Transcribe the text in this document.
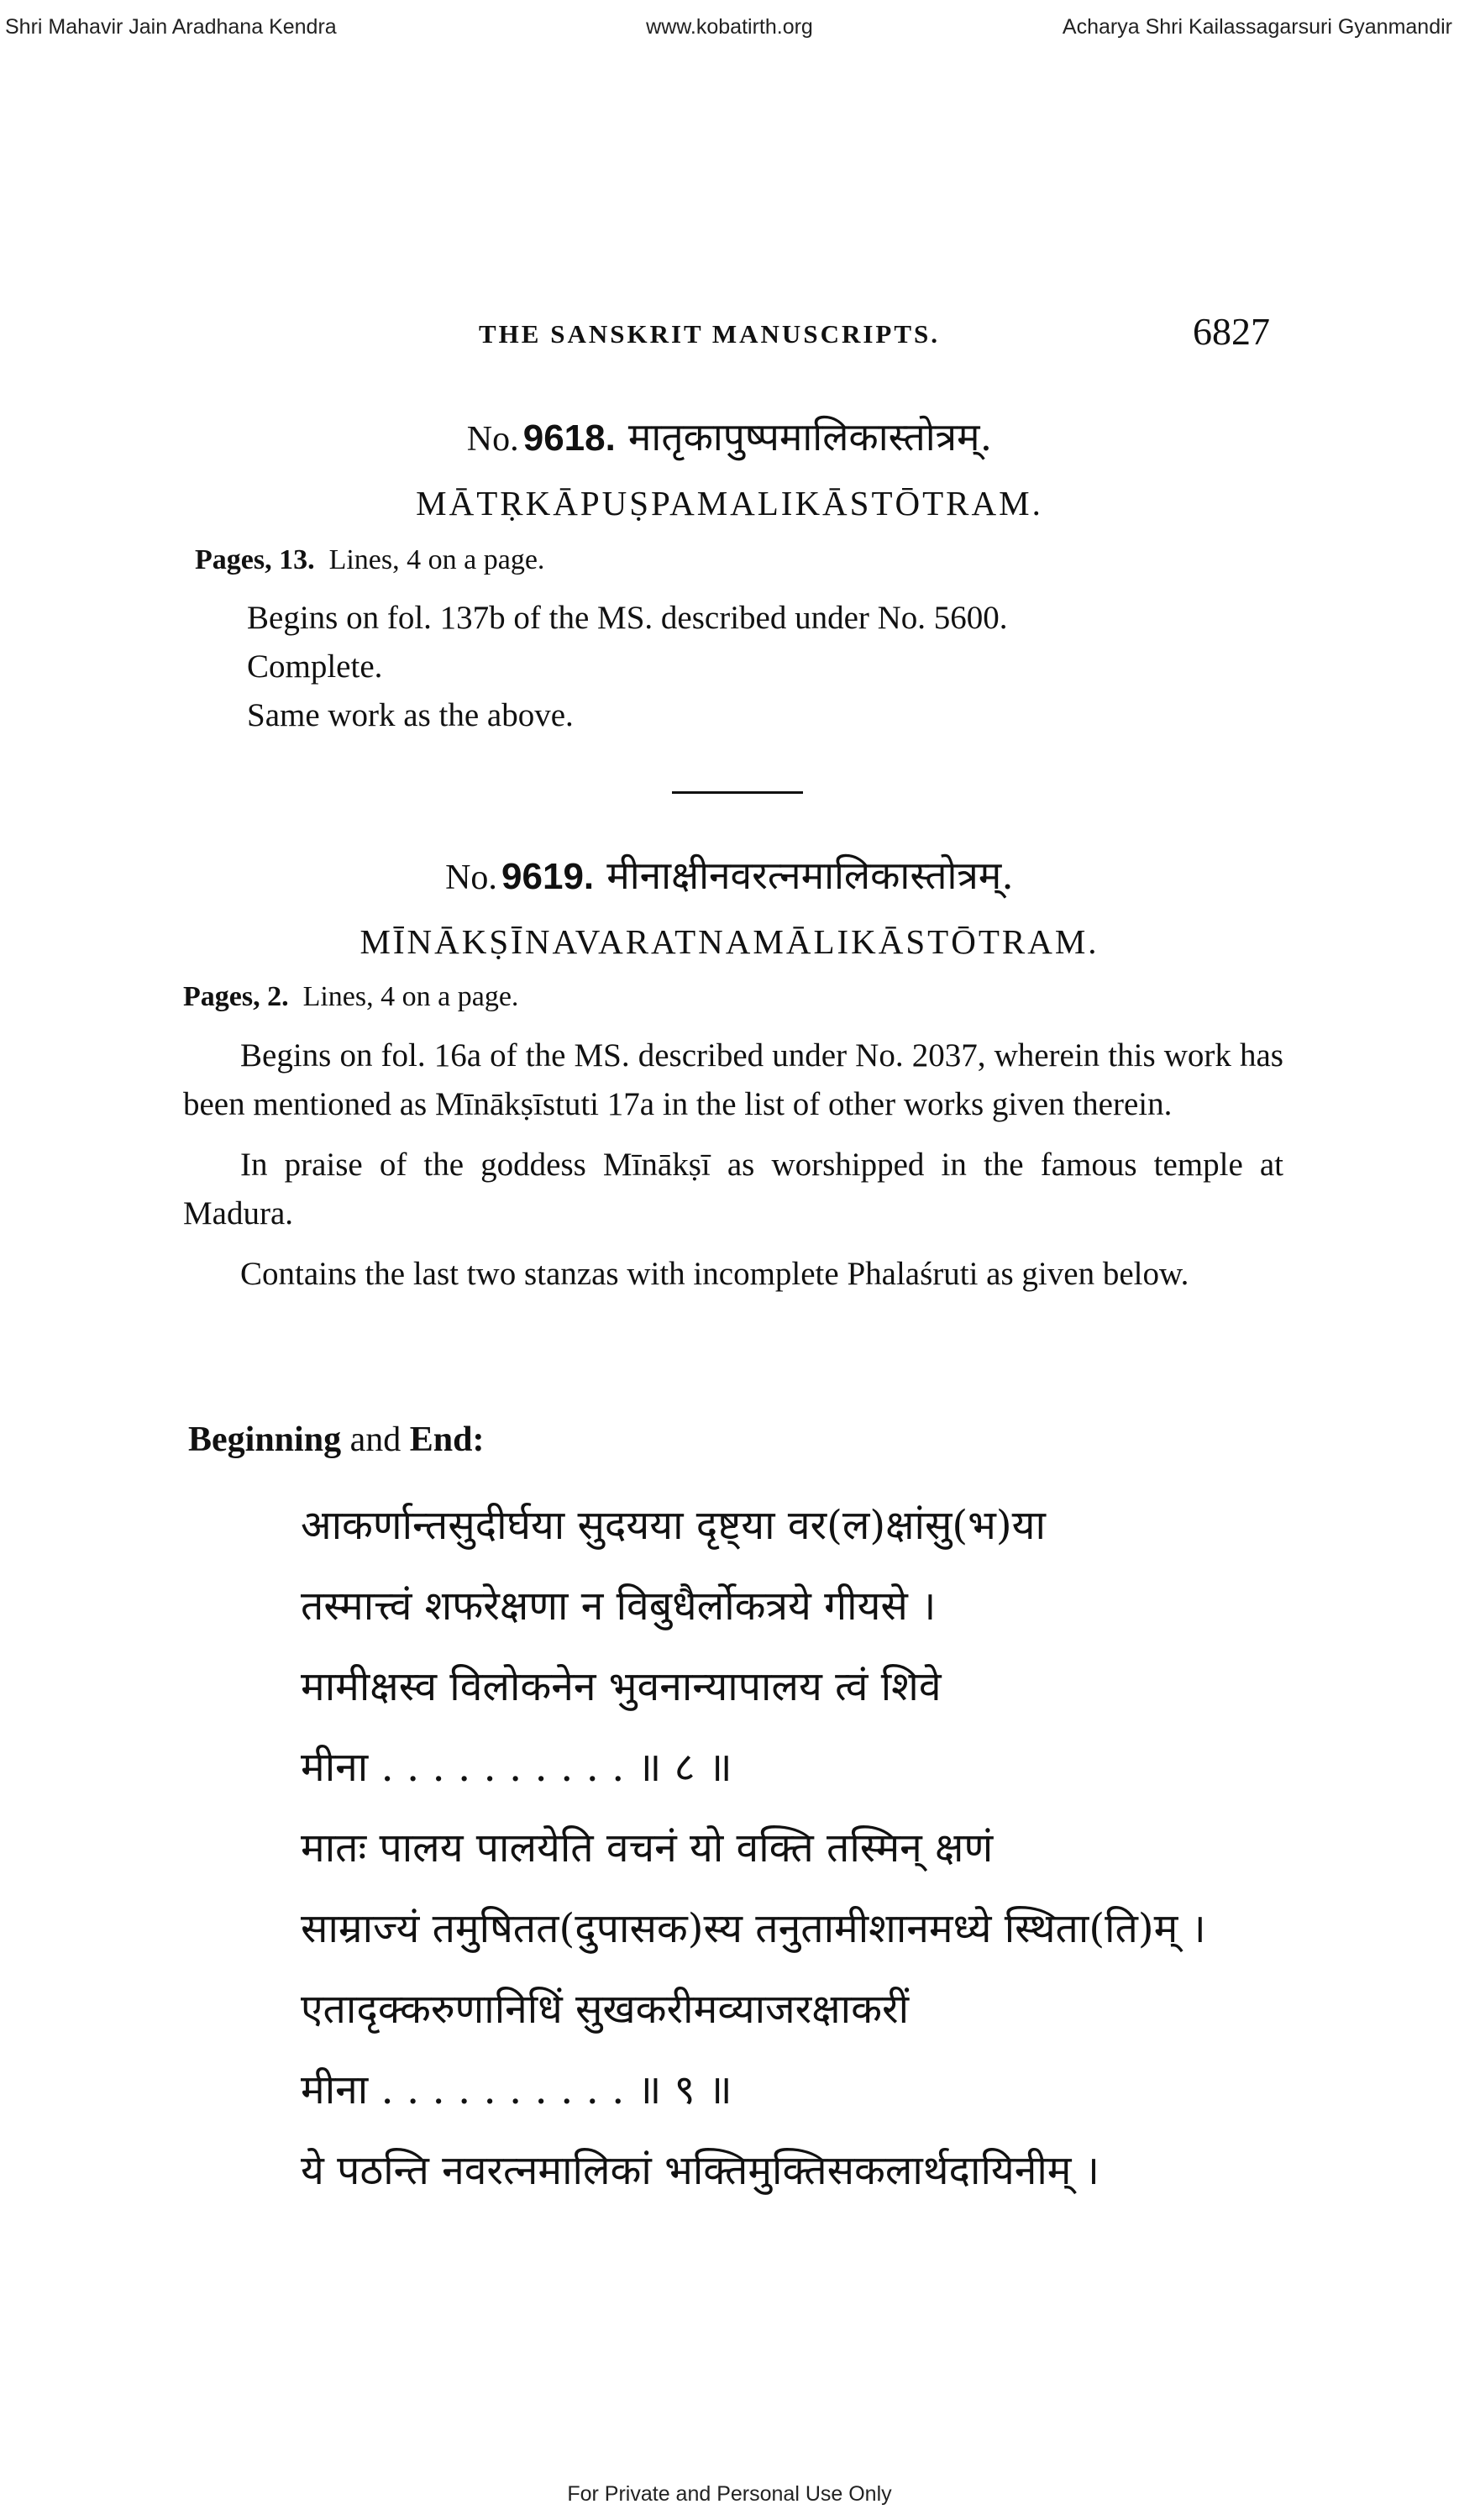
Shri Mahavir Jain Aradhana Kendra	www.kobatirth.org	Acharya Shri Kailassagarsuri Gyanmandir
THE SANSKRIT MANUSCRIPTS.	6827
No. 9618. मातृकापुष्पमालिकास्तोत्रम्.
MĀTṚKĀPUṢPAMALIKĀSTŌTRAM.
Pages, 13. Lines, 4 on a page.

Begins on fol. 137b of the MS. described under No. 5600.

Complete.

Same work as the above.

No. 9619. मीनाक्षीनवरत्नमालिकास्तोत्रम्.
MĪNĀKṢĪNAVARATNAMĀLIKĀSTŌTRAM.
Pages, 2. Lines, 4 on a page.

Begins on fol. 16a of the MS. described under No. 2037, wherein this work has been mentioned as Mīnākṣīstuti 17a in the list of other works given therein.

In praise of the goddess Mīnākṣī as worshipped in the famous temple at Madura.

Contains the last two stanzas with incomplete Phalaśruti as given below.

Beginning and End:
आकर्णान्तसुदीर्घया सुदयया दृष्ट्या वर(ल)क्षांसु(भ)या
तस्मात्त्वं शफरेक्षणा न विबुधैर्लोकत्रये गीयसे ।
मामीक्षस्व विलोकनेन भुवनान्यापालय त्वं शिवे
मीना . . . . . . . . . . ॥ ८ ॥
मातः पालय पालयेति वचनं यो वक्ति तस्मिन् क्षणं
साम्राज्यं तमुषितत(दुपासक)स्य तनुतामीशानमध्ये स्थिता(ति)म् ।
एतादृक्करुणानिधिं सुखकरीमव्याजरक्षाकरीं
मीना . . . . . . . . . . ॥ ९ ॥
ये पठन्ति नवरत्नमालिकां भक्तिमुक्तिसकलार्थदायिनीम् ।
For Private and Personal Use Only
